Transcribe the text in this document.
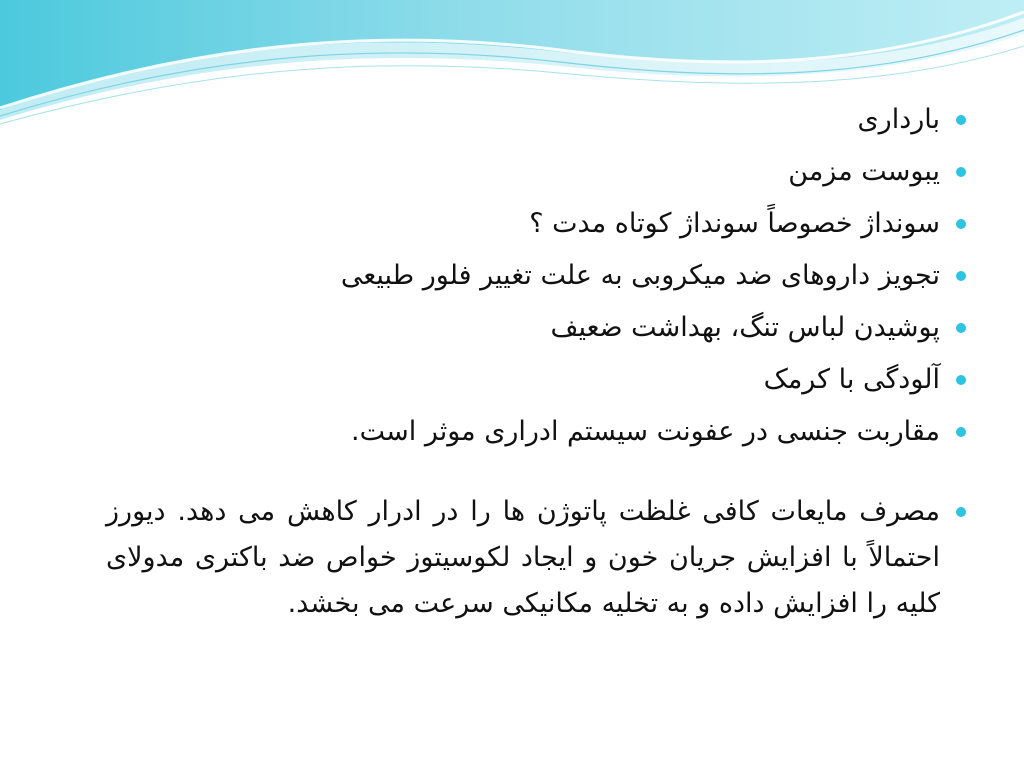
بارداری
یبوست مزمن
سونداژ خصوصاً سونداژ کوتاه مدت ؟
تجویز داروهای ضد میکروبی به علت تغییر فلور طبیعی
پوشیدن لباس تنگ، بهداشت ضعیف
آلودگی با کرمک
مقاربت جنسی در عفونت سیستم ادراری موثر است.
مصرف مایعات کافی غلظت پاتوژن ها را در ادرار کاهش می دهد. دیورز احتمالاً با افزایش جریان خون و ایجاد لکوسیتوز خواص ضد باکتری مدولای کلیه را افزایش داده و به تخلیه مکانیکی سرعت می بخشد.
